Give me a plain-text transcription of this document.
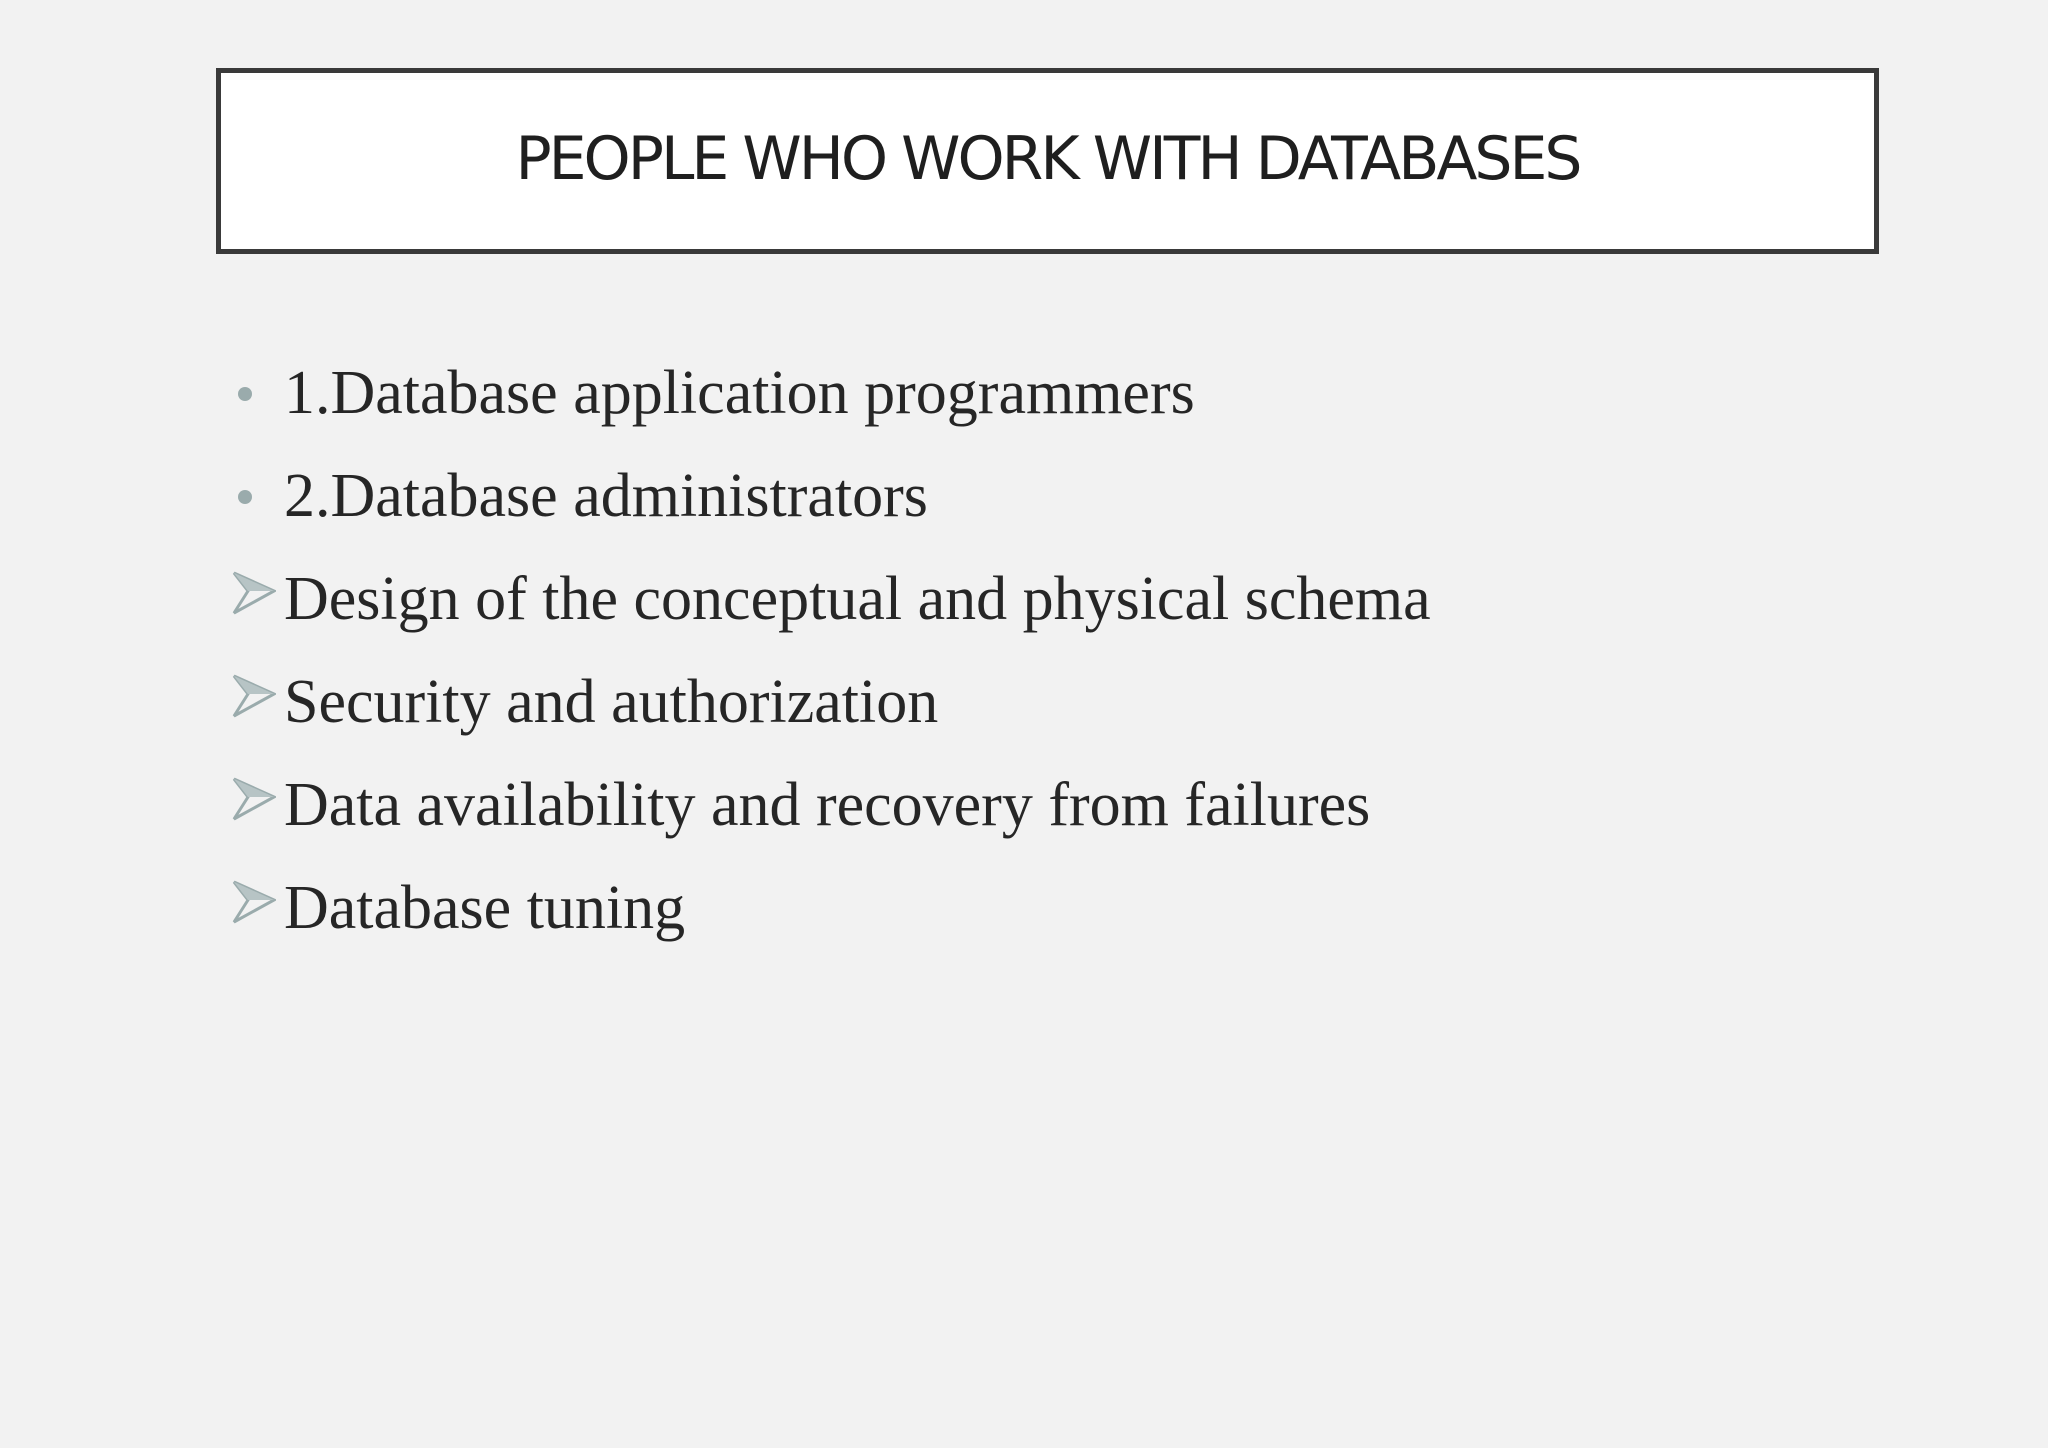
PEOPLE WHO WORK WITH DATABASES
1.Database application programmers
2.Database administrators
Design of the conceptual and physical schema
Security and authorization
Data availability and recovery from failures
Database tuning
